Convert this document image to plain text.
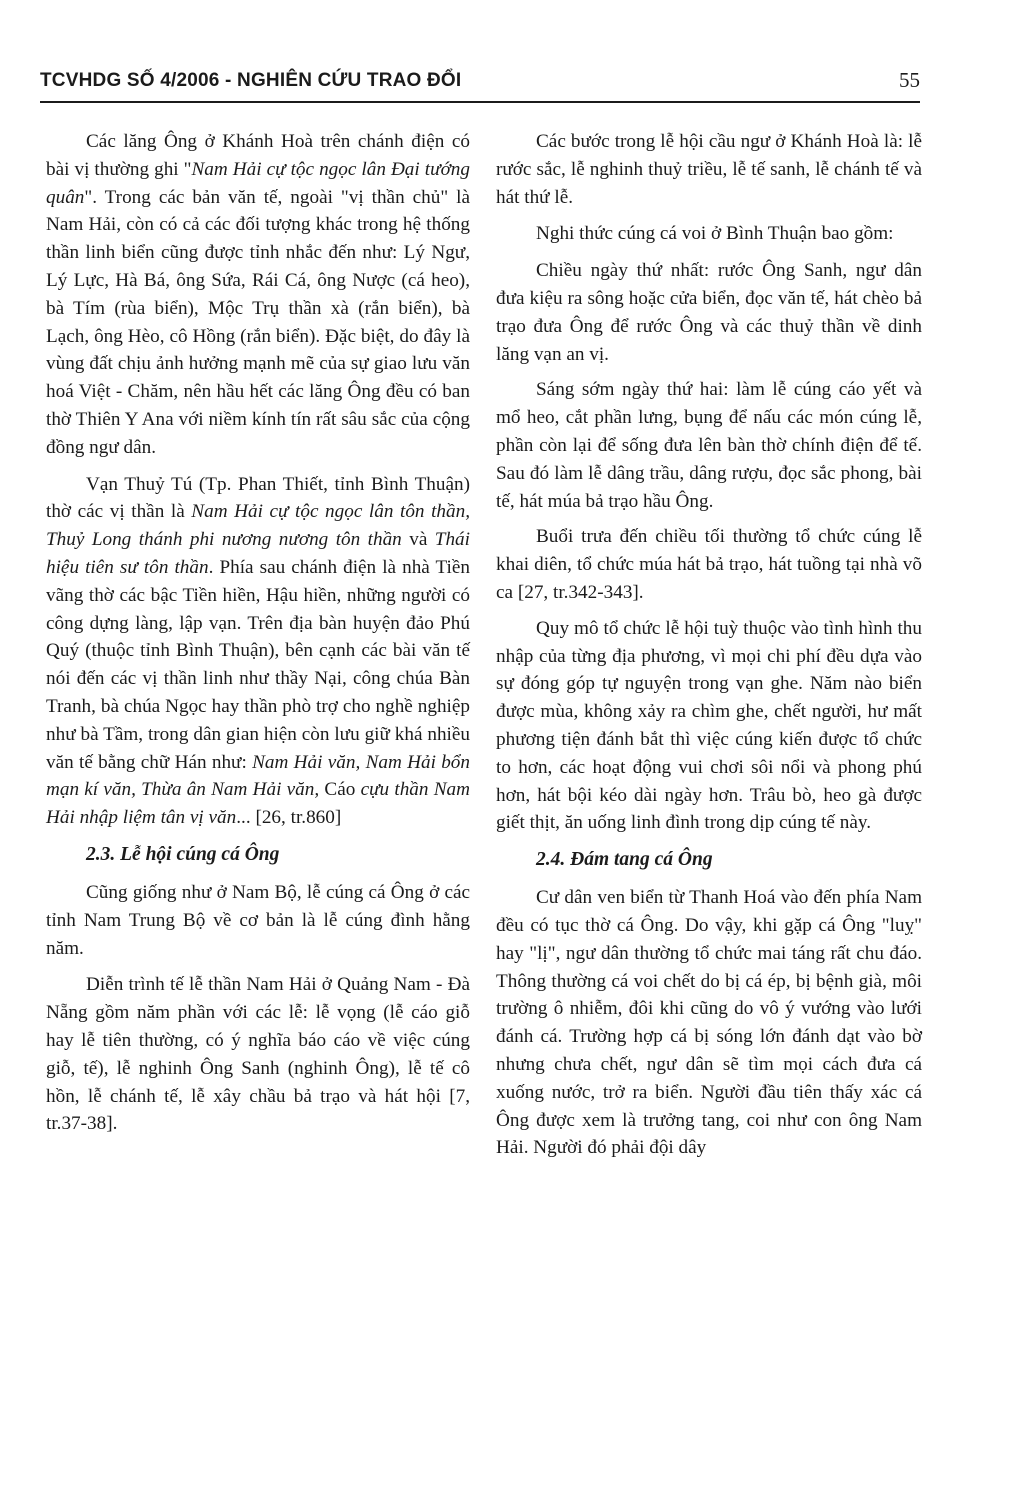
TCVHDG SỐ 4/2006 - NGHIÊN CỨU TRAO ĐỔI	55

Các lăng Ông ở Khánh Hoà trên chánh điện có bài vị thường ghi "Nam Hải cự tộc ngọc lân Đại tướng quân". Trong các bản văn tế, ngoài "vị thần chủ" là Nam Hải, còn có cả các đối tượng khác trong hệ thống thần linh biển cũng được tỉnh nhắc đến như: Lý Ngư, Lý Lực, Hà Bá, ông Sứa, Rái Cá, ông Nược (cá heo), bà Tím (rùa biển), Mộc Trụ thần xà (rắn biển), bà Lạch, ông Hèo, cô Hồng (rắn biển). Đặc biệt, do đây là vùng đất chịu ảnh hưởng mạnh mẽ của sự giao lưu văn hoá Việt - Chăm, nên hầu hết các lăng Ông đều có ban thờ Thiên Y Ana với niềm kính tín rất sâu sắc của cộng đồng ngư dân.

Vạn Thuỷ Tú (Tp. Phan Thiết, tỉnh Bình Thuận) thờ các vị thần là Nam Hải cự tộc ngọc lân tôn thần, Thuỷ Long thánh phi nương nương tôn thần và Thái hiệu tiên sư tôn thần. Phía sau chánh điện là nhà Tiền vãng thờ các bậc Tiền hiền, Hậu hiền, những người có công dựng làng, lập vạn. Trên địa bàn huyện đảo Phú Quý (thuộc tỉnh Bình Thuận), bên cạnh các bài văn tế nói đến các vị thần linh như thầy Nại, công chúa Bàn Tranh, bà chúa Ngọc hay thần phò trợ cho nghề nghiệp như bà Tầm, trong dân gian hiện còn lưu giữ khá nhiều văn tế bằng chữ Hán như: Nam Hải văn, Nam Hải bổn mạn kí văn, Thừa ân Nam Hải văn, Cáo cựu thần Nam Hải nhập liệm tân vị văn... [26, tr.860]

2.3. Lễ hội cúng cá Ông

Cũng giống như ở Nam Bộ, lễ cúng cá Ông ở các tỉnh Nam Trung Bộ về cơ bản là lễ cúng đình hằng năm.

Diễn trình tế lễ thần Nam Hải ở Quảng Nam - Đà Nẵng gồm năm phần với các lễ: lễ vọng (lễ cáo giỗ hay lễ tiên thường, có ý nghĩa báo cáo về việc cúng giỗ, tế), lễ nghinh Ông Sanh (nghinh Ông), lễ tế cô hồn, lễ chánh tế, lễ xây chầu bả trạo và hát hội [7, tr.37-38].

Các bước trong lễ hội cầu ngư ở Khánh Hoà là: lễ rước sắc, lễ nghinh thuỷ triều, lễ tế sanh, lễ chánh tế và hát thứ lễ.

Nghi thức cúng cá voi ở Bình Thuận bao gồm:

Chiều ngày thứ nhất: rước Ông Sanh, ngư dân đưa kiệu ra sông hoặc cửa biển, đọc văn tế, hát chèo bả trạo đưa Ông để rước Ông và các thuỷ thần về dinh lăng vạn an vị.

Sáng sớm ngày thứ hai: làm lễ cúng cáo yết và mổ heo, cắt phần lưng, bụng để nấu các món cúng lễ, phần còn lại để sống đưa lên bàn thờ chính điện để tế. Sau đó làm lễ dâng trầu, dâng rượu, đọc sắc phong, bài tế, hát múa bả trạo hầu Ông.

Buổi trưa đến chiều tối thường tổ chức cúng lễ khai diên, tổ chức múa hát bả trạo, hát tuồng tại nhà võ ca [27, tr.342-343].

Quy mô tổ chức lễ hội tuỳ thuộc vào tình hình thu nhập của từng địa phương, vì mọi chi phí đều dựa vào sự đóng góp tự nguyện trong vạn ghe. Năm nào biển được mùa, không xảy ra chìm ghe, chết người, hư mất phương tiện đánh bắt thì việc cúng kiến được tổ chức to hơn, các hoạt động vui chơi sôi nổi và phong phú hơn, hát bội kéo dài ngày hơn. Trâu bò, heo gà được giết thịt, ăn uống linh đình trong dịp cúng tế này.

2.4. Đám tang cá Ông

Cư dân ven biển từ Thanh Hoá vào đến phía Nam đều có tục thờ cá Ông. Do vậy, khi gặp cá Ông "luỵ" hay "lị", ngư dân thường tổ chức mai táng rất chu đáo. Thông thường cá voi chết do bị cá ép, bị bệnh già, môi trường ô nhiễm, đôi khi cũng do vô ý vướng vào lưới đánh cá. Trường hợp cá bị sóng lớn đánh dạt vào bờ nhưng chưa chết, ngư dân sẽ tìm mọi cách đưa cá xuống nước, trở ra biển. Người đầu tiên thấy xác cá Ông được xem là trưởng tang, coi như con ông Nam Hải. Người đó phải đội dây
